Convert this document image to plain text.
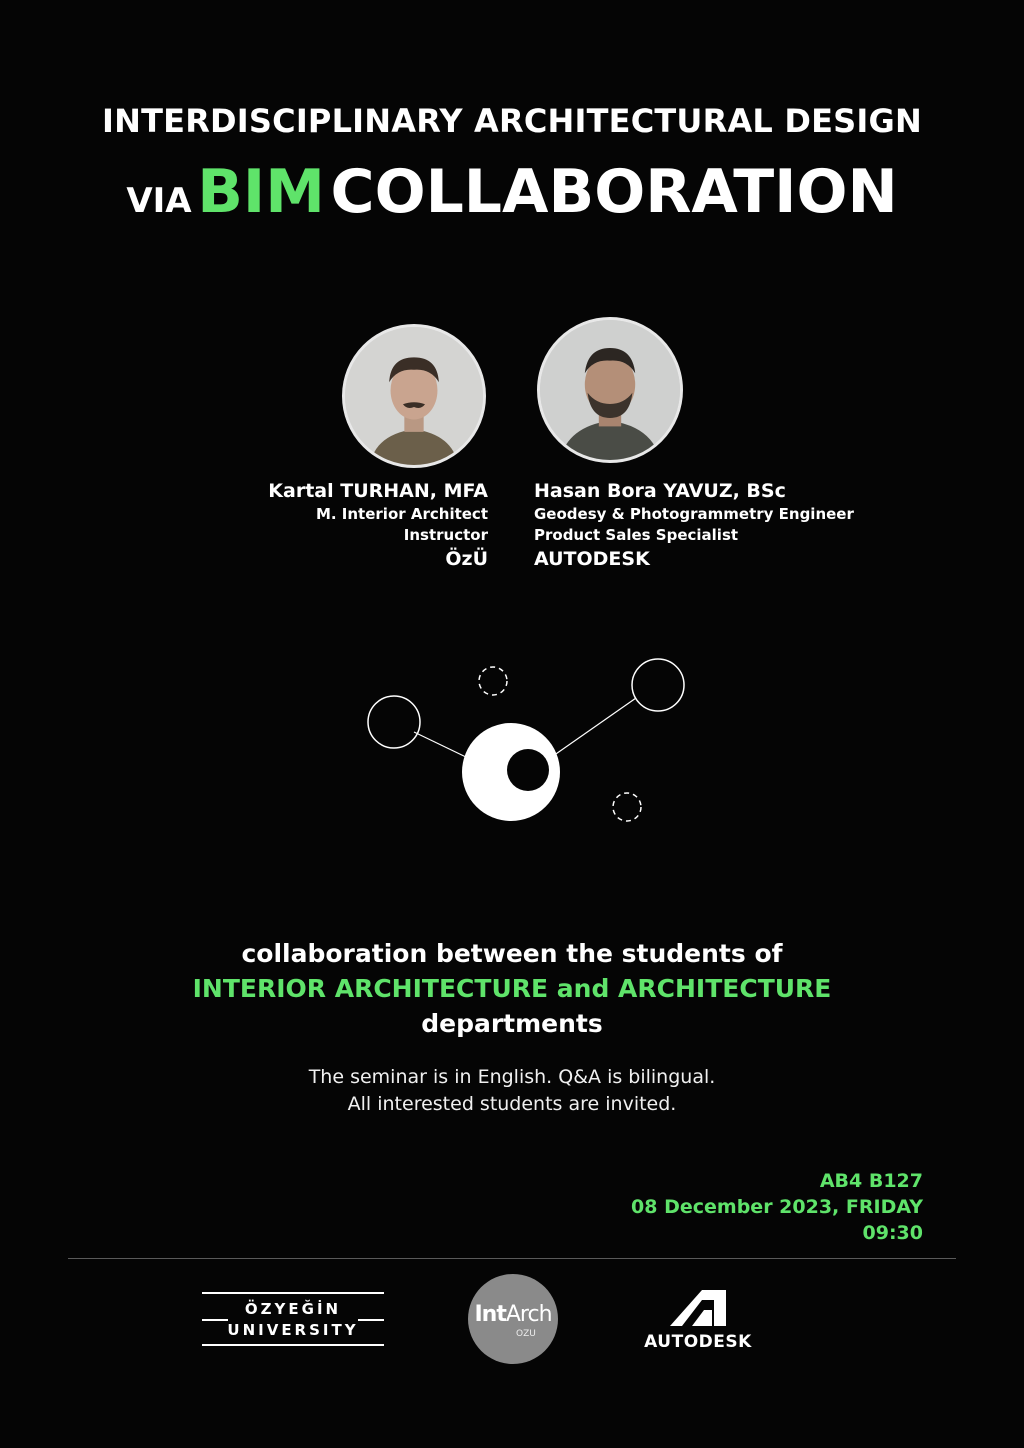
INTERDISCIPLINARY ARCHITECTURAL DESIGN
VIA BIM COLLABORATION
Kartal TURHAN, MFA
M. Interior Architect
Instructor
ÖzÜ
Hasan Bora YAVUZ, BSc
Geodesy & Photogrammetry Engineer
Product Sales Specialist
AUTODESK
collaboration between the students of
INTERIOR ARCHITECTURE and ARCHITECTURE
departments
The seminar is in English. Q&A is bilingual.
All interested students are invited.
AB4 B127
08 December 2023, FRIDAY
09:30
ÖZYEĞİN
UNIVERSITY
IntArch
OZU	AUTODESK
